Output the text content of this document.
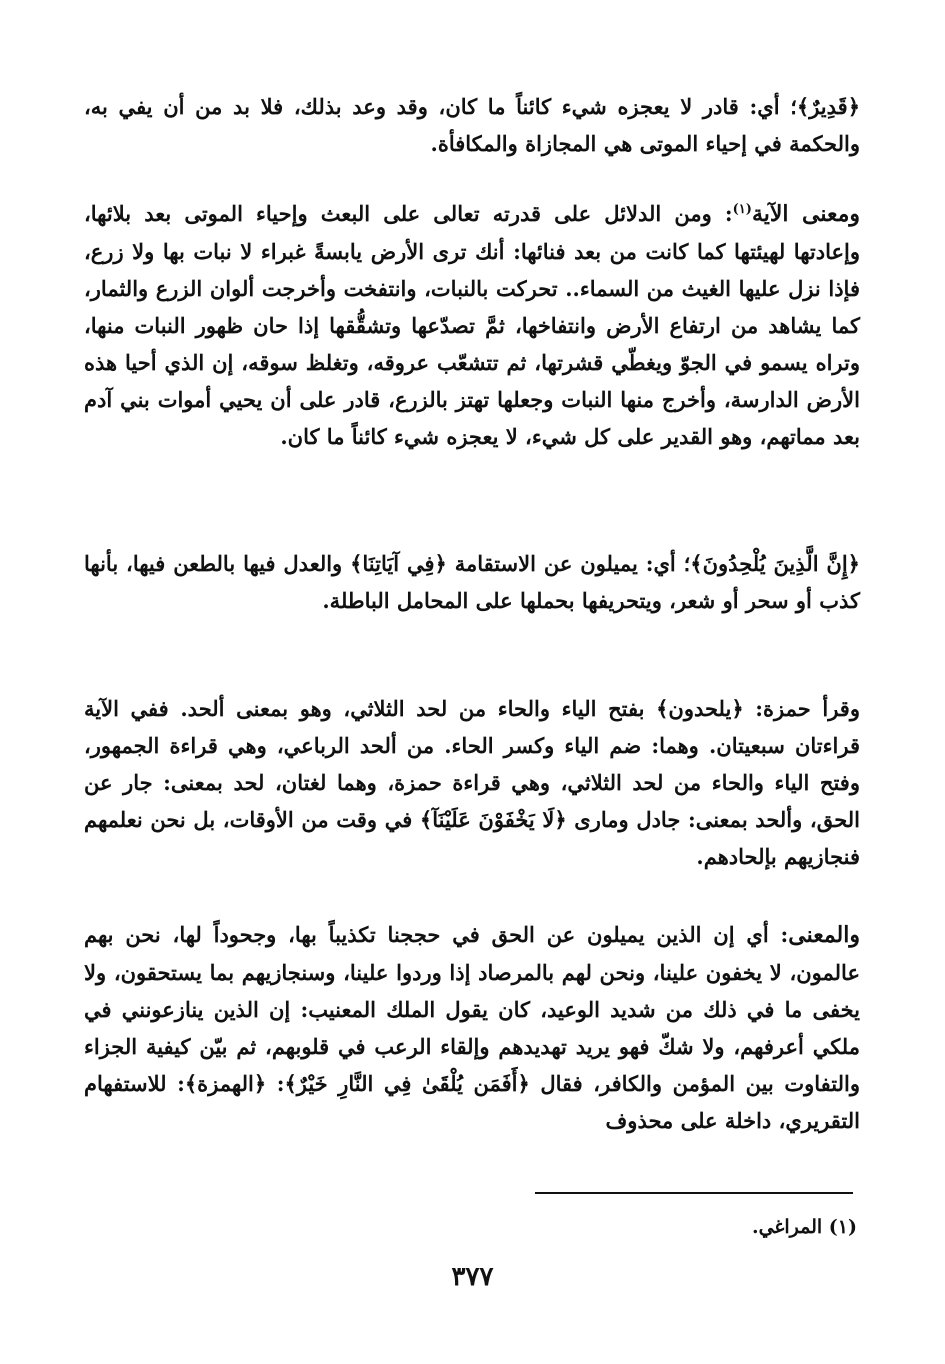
﴿قَدِيرٌ﴾؛ أي: قادر لا يعجزه شيء كائناً ما كان، وقد وعد بذلك، فلا بد من أن يفي به، والحكمة في إحياء الموتى هي المجازاة والمكافأة.

ومعنى الآية$^{(١)}$: ومن الدلائل على قدرته تعالى على البعث وإحياء الموتى بعد بلائها، وإعادتها لهيئتها كما كانت من بعد فنائها: أنك ترى الأرض يابسةً غبراء لا نبات بها ولا زرع، فإذا نزل عليها الغيث من السماء.. تحركت بالنبات، وانتفخت وأخرجت ألوان الزرع والثمار، كما يشاهد من ارتفاع الأرض وانتفاخها، ثمَّ تصدّعها وتشقُّقها إذا حان ظهور النبات منها، وتراه يسمو في الجوّ ويغطّي قشرتها، ثم تتشعّب عروقه، وتغلظ سوقه، إن الذي أحيا هذه الأرض الدارسة، وأخرج منها النبات وجعلها تهتز بالزرع، قادر على أن يحيي أموات بني آدم بعد مماتهم، وهو القدير على كل شيء، لا يعجزه شيء كائناً ما كان.

﴿إِنَّ الَّذِينَ يُلْحِدُونَ﴾؛ أي: يميلون عن الاستقامة ﴿فِي آيَاتِنَا﴾ والعدل فيها بالطعن فيها، بأنها كذب أو سحر أو شعر، ويتحريفها بحملها على المحامل الباطلة.

وقرأ حمزة: ﴿يلحدون﴾ بفتح الياء والحاء من لحد الثلاثي، وهو بمعنى ألحد. ففي الآية قراءتان سبعيتان. وهما: ضم الياء وكسر الحاء. من ألحد الرباعي، وهي قراءة الجمهور، وفتح الياء والحاء من لحد الثلاثي، وهي قراءة حمزة، وهما لغتان، لحد بمعنى: جار عن الحق، وألحد بمعنى: جادل ومارى ﴿لَا يَخْفَوْنَ عَلَيْنَآ﴾ في وقت من الأوقات، بل نحن نعلمهم فنجازيهم بإلحادهم.

والمعنى: أي إن الذين يميلون عن الحق في حججنا تكذيباً بها، وجحوداً لها، نحن بهم عالمون، لا يخفون علينا، ونحن لهم بالمرصاد إذا وردوا علينا، وسنجازيهم بما يستحقون، ولا يخفى ما في ذلك من شديد الوعيد، كان يقول الملك المعنيب: إن الذين ينازعونني في ملكي أعرفهم، ولا شكّ فهو يريد تهديدهم وإلقاء الرعب في قلوبهم، ثم بيّن كيفية الجزاء والتفاوت بين المؤمن والكافر، فقال ﴿أَفَمَن يُلْقَىٰ فِي النَّارِ خَيْرٌ﴾: ﴿الهمزة﴾: للاستفهام التقريري، داخلة على محذوف

(١) المراغي.
٣٧٧
